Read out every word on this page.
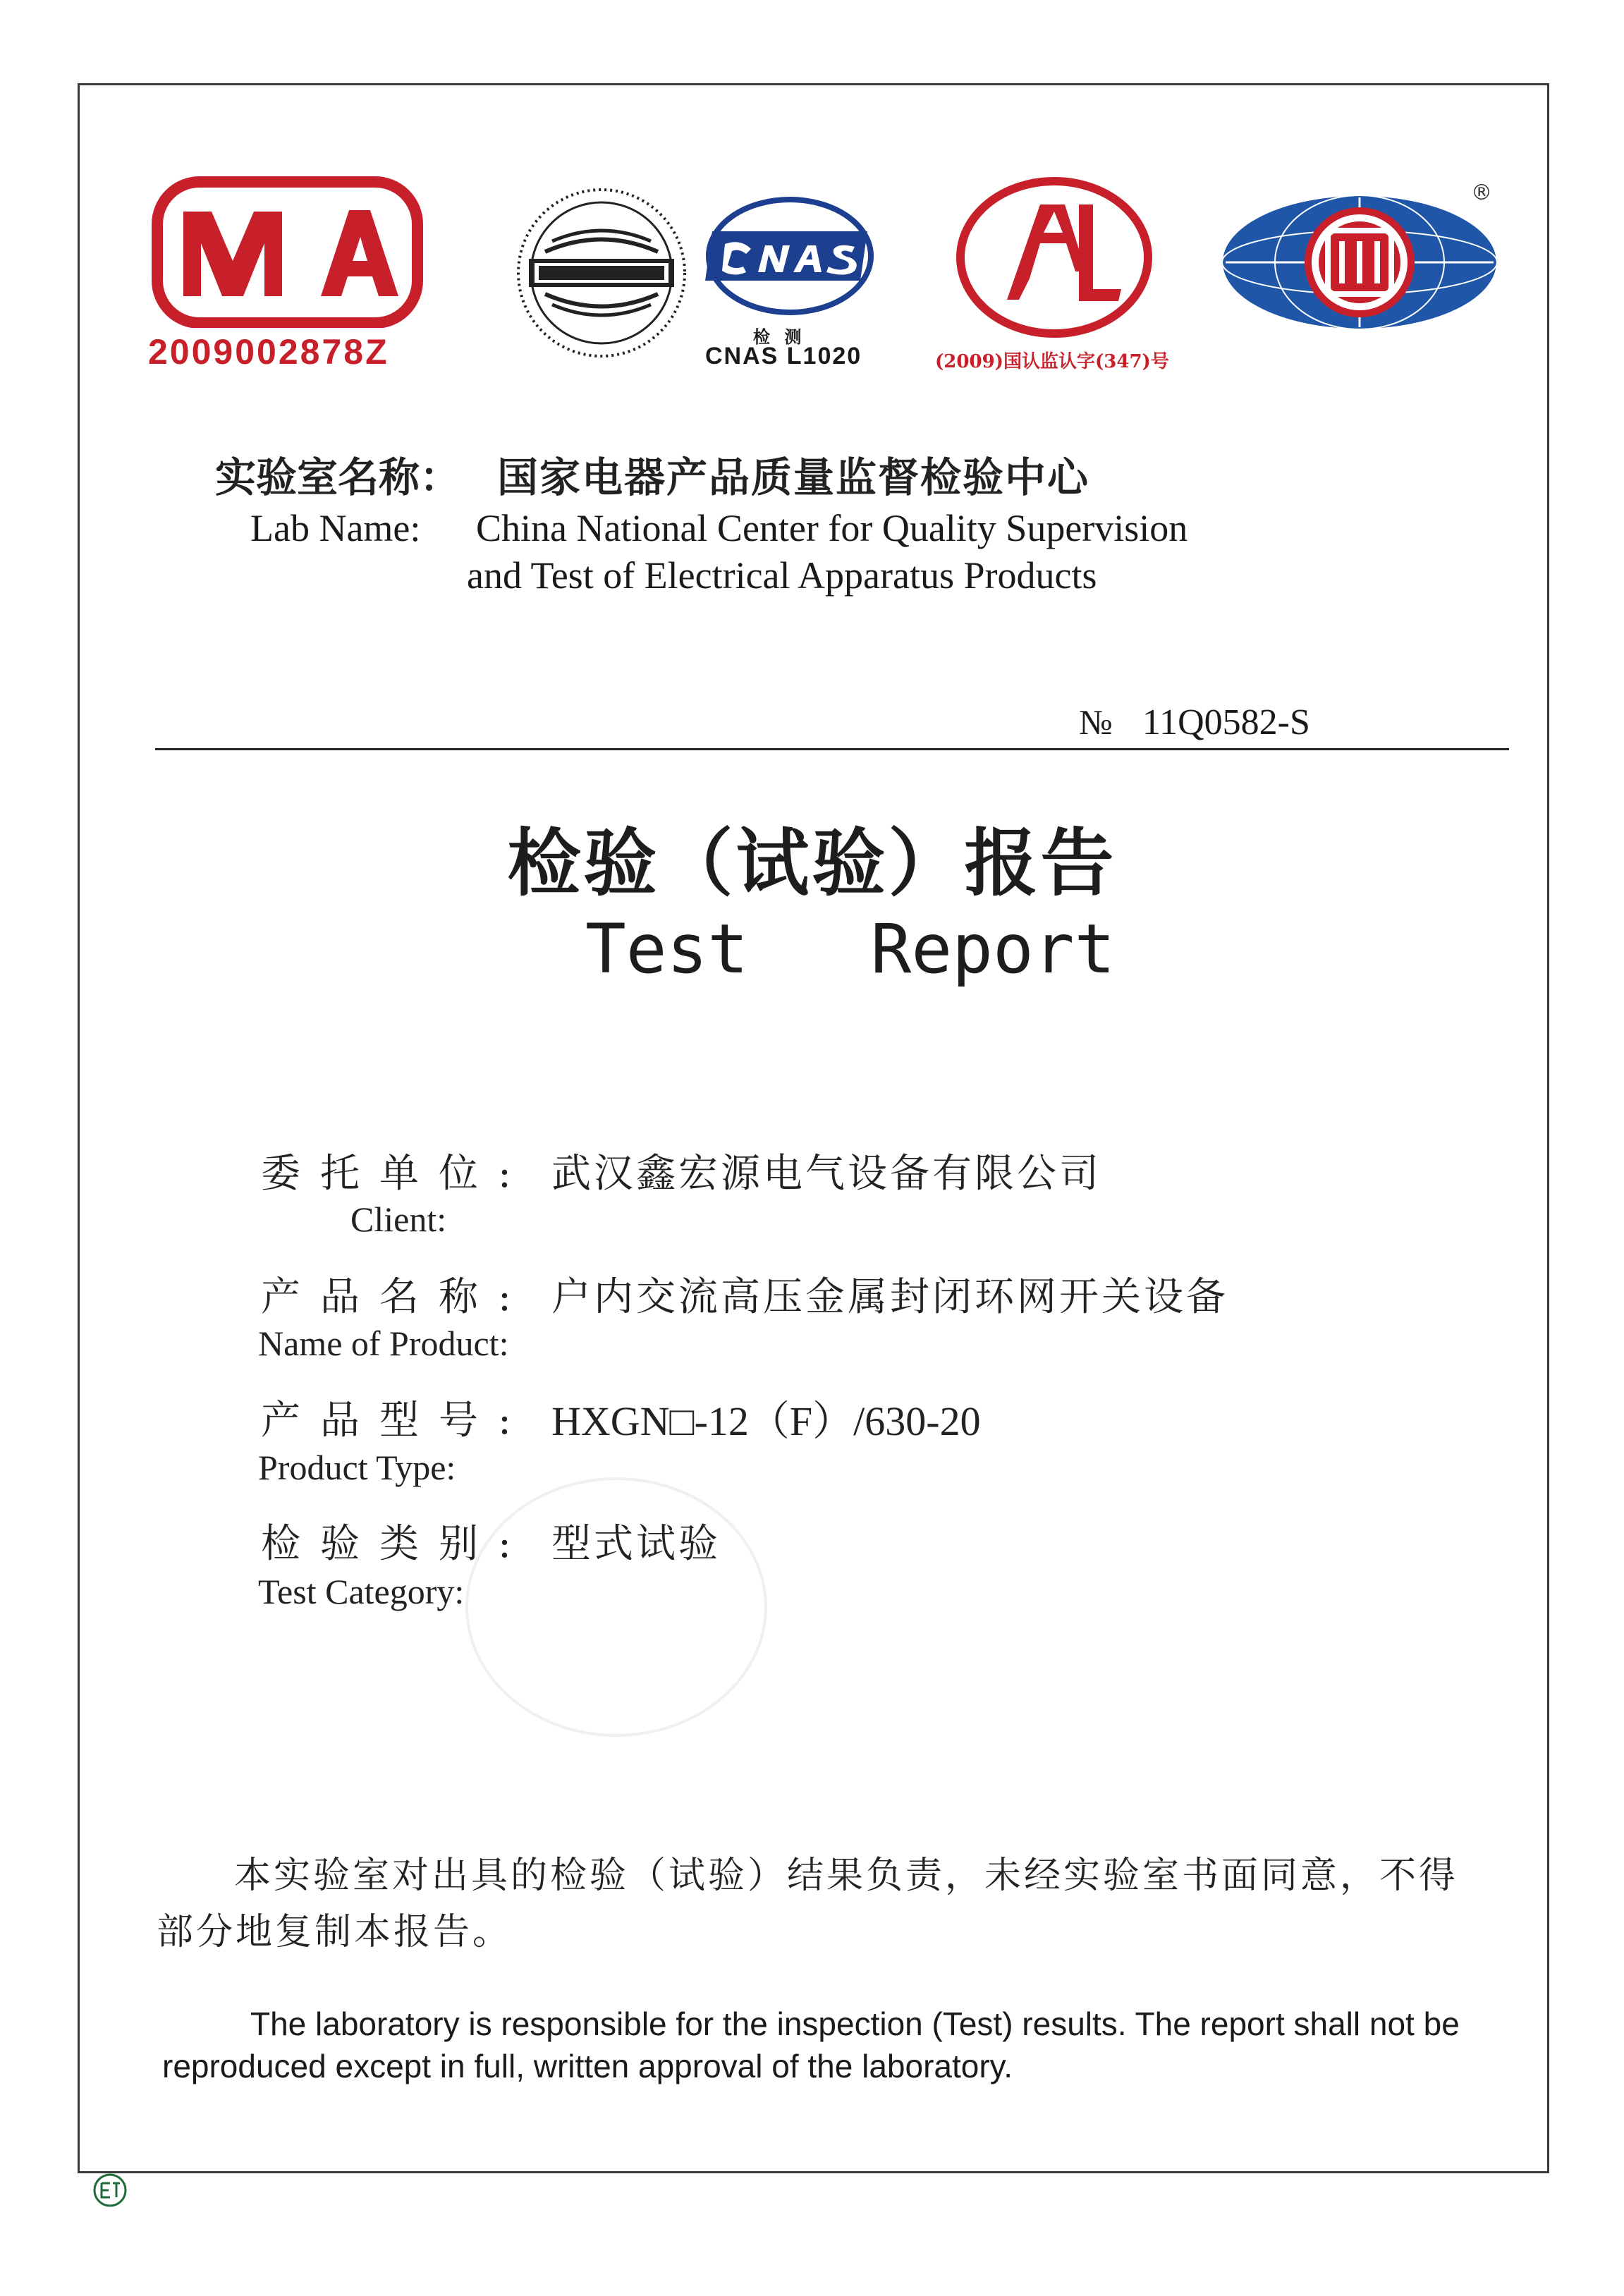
2009002878Z	检 测
CNAS L1020	(2009)国认监认字(347)号
®
实验室名称： 国家电器产品质量监督检验中心
Lab Name: China National Center for Quality Supervision
and Test of Electrical Apparatus Products
№ 11Q0582-S
检验（试验）报告
Test   Report
委托单位: 武汉鑫宏源电气设备有限公司
Client:
产品名称: 户内交流高压金属封闭环网开关设备
Name of Product:
产品型号: HXGN□-12（F）/630-20
Product Type:
检验类别: 型式试验
Test Category:
本实验室对出具的检验（试验）结果负责，未经实验室书面同意，不得部分地复制本报告。
The laboratory is responsible for the inspection (Test) results. The report shall not be reproduced except in full, written approval of the laboratory.
